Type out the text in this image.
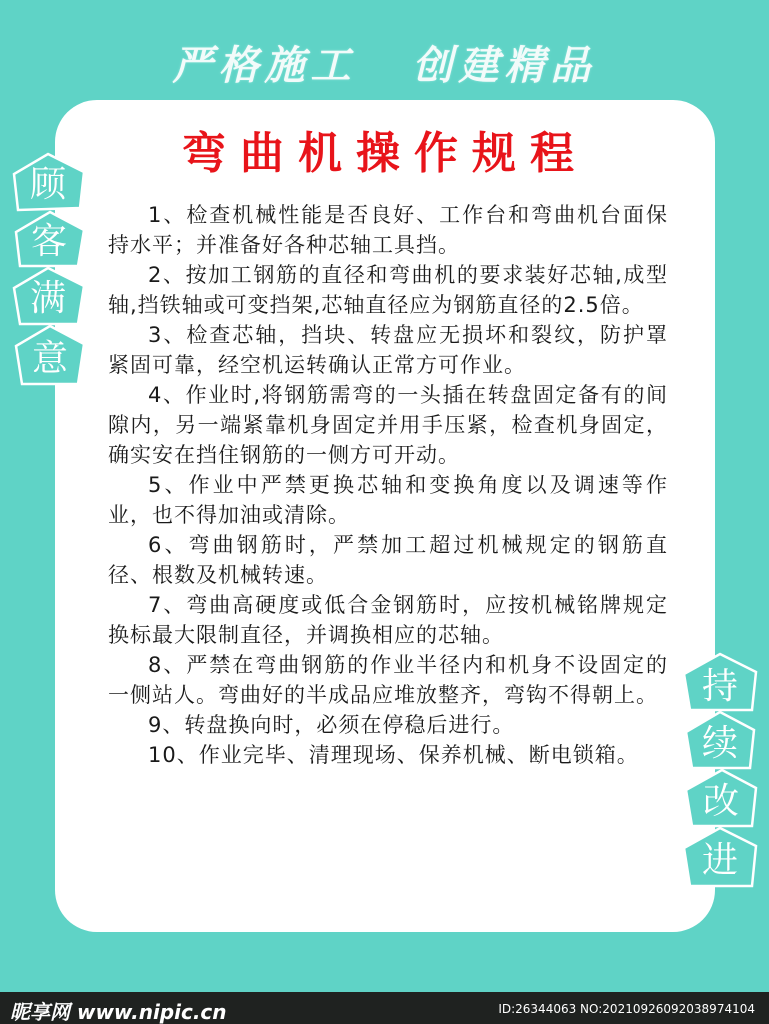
严格施工 创建精品
弯曲机操作规程

1、检查机械性能是否良好、工作台和弯曲机台面保持水平；并准备好各种芯轴工具挡。

2、按加工钢筋的直径和弯曲机的要求装好芯轴,成型轴,挡铁轴或可变挡架,芯轴直径应为钢筋直径的2.5倍。

3、检查芯轴，挡块、转盘应无损坏和裂纹，防护罩紧固可靠，经空机运转确认正常方可作业。

4、作业时,将钢筋需弯的一头插在转盘固定备有的间隙内，另一端紧靠机身固定并用手压紧，检查机身固定，确实安在挡住钢筋的一侧方可开动。

5、作业中严禁更换芯轴和变换角度以及调速等作业，也不得加油或清除。

6、弯曲钢筋时，严禁加工超过机械规定的钢筋直径、根数及机械转速。

7、弯曲高硬度或低合金钢筋时，应按机械铭牌规定换标最大限制直径，并调换相应的芯轴。

8、严禁在弯曲钢筋的作业半径内和机身不设固定的一侧站人。弯曲好的半成品应堆放整齐，弯钩不得朝上。

9、转盘换向时，必须在停稳后进行。

10、作业完毕、清理现场、保养机械、断电锁箱。

顾
客
满
意
持
续
改
进
昵享网 www.nipic.cn	ID:26344063 NO:20210926092038974104
